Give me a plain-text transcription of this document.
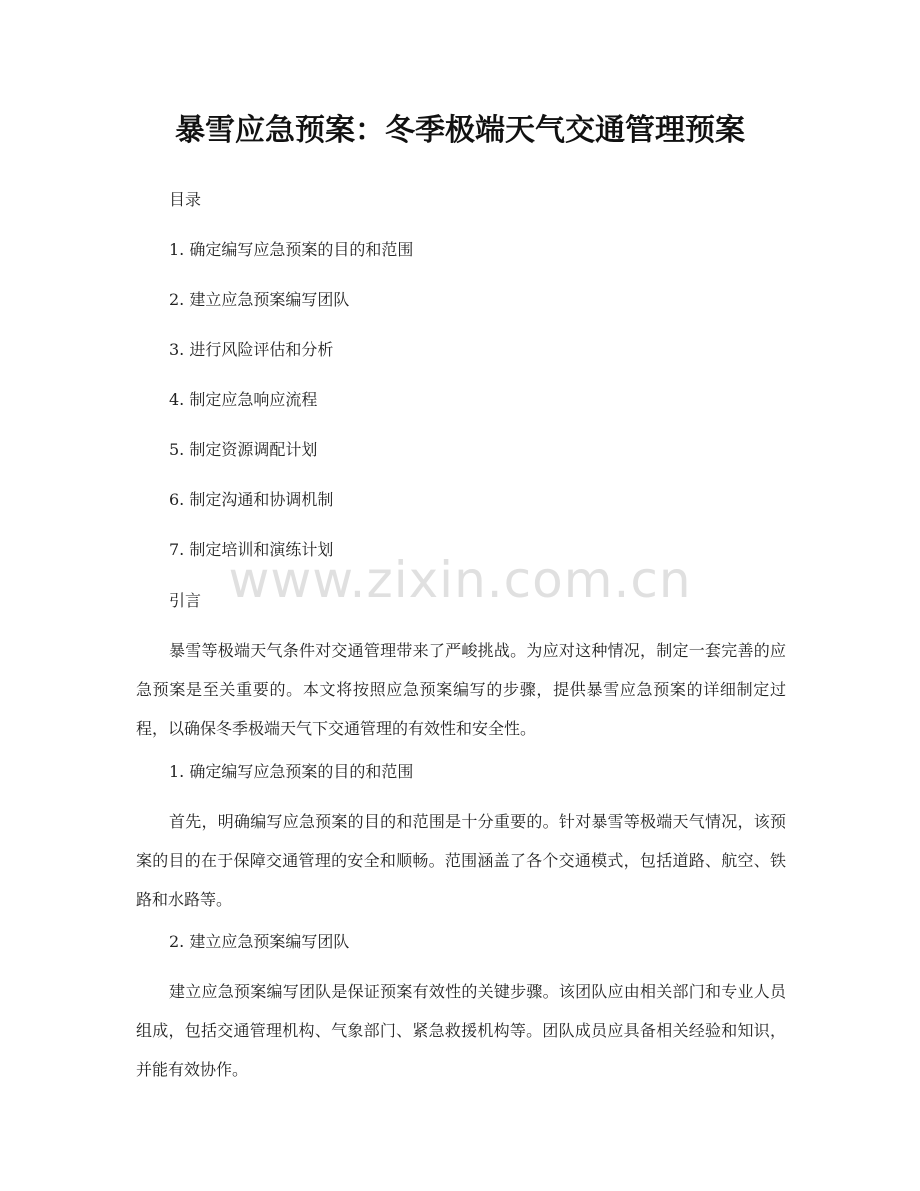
暴雪应急预案：冬季极端天气交通管理预案

目录

1. 确定编写应急预案的目的和范围

2. 建立应急预案编写团队

3. 进行风险评估和分析

4. 制定应急响应流程

5. 制定资源调配计划

6. 制定沟通和协调机制

7. 制定培训和演练计划

引言

暴雪等极端天气条件对交通管理带来了严峻挑战。为应对这种情况，制定一套完善的应急预案是至关重要的。本文将按照应急预案编写的步骤，提供暴雪应急预案的详细制定过程，以确保冬季极端天气下交通管理的有效性和安全性。

1. 确定编写应急预案的目的和范围

首先，明确编写应急预案的目的和范围是十分重要的。针对暴雪等极端天气情况，该预案的目的在于保障交通管理的安全和顺畅。范围涵盖了各个交通模式，包括道路、航空、铁路和水路等。

2. 建立应急预案编写团队

建立应急预案编写团队是保证预案有效性的关键步骤。该团队应由相关部门和专业人员组成，包括交通管理机构、气象部门、紧急救援机构等。团队成员应具备相关经验和知识，并能有效协作。

www.zixin.com.cn
